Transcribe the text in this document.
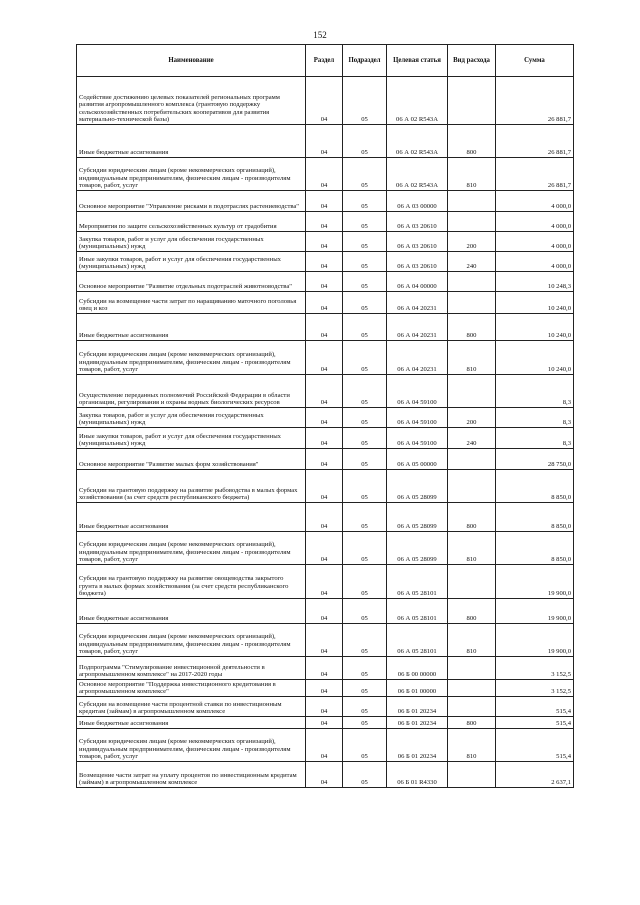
152
Наименование	Раздел	Подраздел	Целевая статья	Вид расхода	Сумма
Содействие достижению целевых показателей региональных программ развития агропромышленного комплекса (грантовую поддержку сельскохозяйственных потребительских кооперативов для развития материально-технической базы)	04	05	06 А 02 R543А		26 881,7
Иные бюджетные ассигнования	04	05	06 А 02 R543А	800	26 881,7
Субсидии юридическим лицам (кроме некоммерческих организаций), индивидуальным предпринимателям, физическим лицам - производителям товаров, работ, услуг	04	05	06 А 02 R543А	810	26 881,7
Основное мероприятие "Управление рисками в подотраслях растениеводства"	04	05	06 А 03 00000		4 000,0
Мероприятия по защите сельскохозяйственных культур от градобития	04	05	06 А 03 20610		4 000,0
Закупка товаров, работ и услуг для обеспечения государственных (муниципальных) нужд	04	05	06 А 03 20610	200	4 000,0
Иные закупки товаров, работ и услуг для обеспечения государственных (муниципальных) нужд	04	05	06 А 03 20610	240	4 000,0
Основное мероприятие "Развитие отдельных подотраслей животноводства"	04	05	06 А 04 00000		10 248,3
Субсидии на возмещение части затрат по наращиванию маточного поголовья овец и коз	04	05	06 А 04 20231		10 240,0
Иные бюджетные ассигнования	04	05	06 А 04 20231	800	10 240,0
Субсидии юридическим лицам (кроме некоммерческих организаций), индивидуальным предпринимателям, физическим лицам - производителям товаров, работ, услуг	04	05	06 А 04 20231	810	10 240,0
Осуществление переданных полномочий Российской Федерации в области организации, регулирования и охраны водных биологических ресурсов	04	05	06 А 04 59100		8,3
Закупка товаров, работ и услуг для обеспечения государственных (муниципальных) нужд	04	05	06 А 04 59100	200	8,3
Иные закупки товаров, работ и услуг для обеспечения государственных (муниципальных) нужд	04	05	06 А 04 59100	240	8,3
Основное мероприятие "Развитие малых форм хозяйствования"	04	05	06 А 05 00000		28 750,0
Субсидии на грантовую поддержку на развитие рыбоводства в малых формах хозяйствования (за счет средств республиканского бюджета)	04	05	06 А 05 28099		8 850,0
Иные бюджетные ассигнования	04	05	06 А 05 28099	800	8 850,0
Субсидии юридическим лицам (кроме некоммерческих организаций), индивидуальным предпринимателям, физическим лицам - производителям товаров, работ, услуг	04	05	06 А 05 28099	810	8 850,0
Субсидии на грантовую поддержку на развитие овощеводства закрытого грунта в малых формах хозяйствования (за счет средств республиканского бюджета)	04	05	06 А 05 28101		19 900,0
Иные бюджетные ассигнования	04	05	06 А 05 28101	800	19 900,0
Субсидии юридическим лицам (кроме некоммерческих организаций), индивидуальным предпринимателям, физическим лицам - производителям товаров, работ, услуг	04	05	06 А 05 28101	810	19 900,0
Подпрограмма "Стимулирование инвестиционной деятельности в агропромышленном комплексе" на 2017-2020 годы	04	05	06 Б 00 00000		3 152,5
Основное мероприятие "Поддержка инвестиционного кредитования в агропромышленном комплексе"	04	05	06 Б 01 00000		3 152,5
Субсидии на возмещение части процентной ставки по инвестиционным кредитам (займам) в агропромышленном комплексе	04	05	06 Б 01 20234		515,4
Иные бюджетные ассигнования	04	05	06 Б 01 20234	800	515,4
Субсидии юридическим лицам (кроме некоммерческих организаций), индивидуальным предпринимателям, физическим лицам - производителям товаров, работ, услуг	04	05	06 Б 01 20234	810	515,4
Возмещение части затрат на уплату процентов по инвестиционным кредитам (займам) в агропромышленном комплексе	04	05	06 Б 01 R4330		2 637,1
